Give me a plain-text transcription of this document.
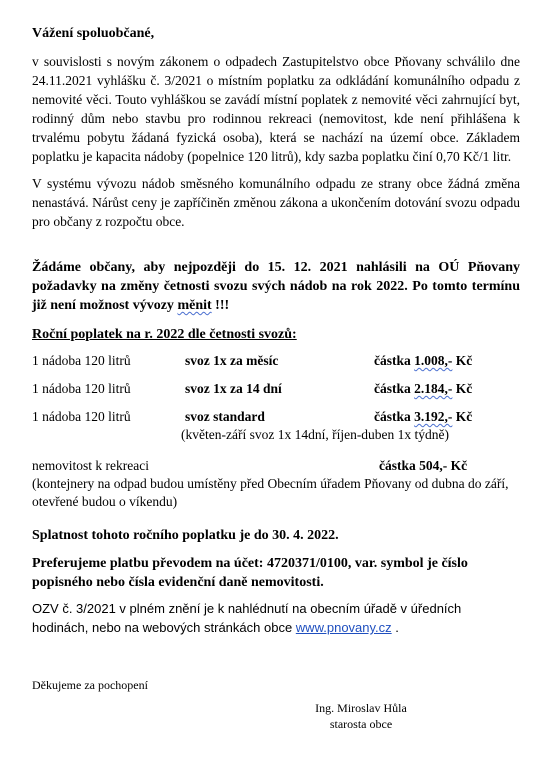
Vážení spoluobčané,

v souvislosti s novým zákonem o odpadech Zastupitelstvo obce Pňovany schválilo dne 24.11.2021 vyhlášku č. 3/2021 o místním poplatku za odkládání komunálního odpadu z nemovité věci. Touto vyhláškou se zavádí místní poplatek z nemovité věci zahrnující byt, rodinný dům nebo stavbu pro rodinnou rekreaci (nemovitost, kde není přihlášena k trvalému pobytu žádaná fyzická osoba), která se nachází na území obce. Základem poplatku je kapacita nádoby (popelnice 120 litrů), kdy sazba poplatku činí 0,70 Kč/1 litr.

V systému vývozu nádob směsného komunálního odpadu ze strany obce žádná změna nenastává. Nárůst ceny je zapříčiněn změnou zákona a ukončením dotování svozu odpadu pro občany z rozpočtu obce.

Žádáme občany, aby nejpozději do 15. 12. 2021 nahlásili na OÚ Pňovany požadavky na změny četnosti svozu svých nádob na rok 2022. Po tomto termínu již není možnost vývozy měnit !!!

Roční poplatek na r. 2022 dle četnosti svozů:

1 nádoba 120 litrů	svoz 1x za měsíc	částka 1.008,- Kč
1 nádoba 120 litrů	svoz 1x za 14 dní	částka 2.184,- Kč
1 nádoba 120 litrů	svoz standard	částka 3.192,- Kč
(květen-září svoz 1x 14dní, říjen-duben 1x týdně)
nemovitost k rekreaci	částka 504,- Kč
(kontejnery na odpad budou umístěny před Obecním úřadem Pňovany od dubna do září, otevřené budou o víkendu)

Splatnost tohoto ročního poplatku je do 30. 4. 2022.

Preferujeme platbu převodem na účet: 4720371/0100, var. symbol je číslo popisného nebo čísla evidenční daně nemovitosti.

OZV č. 3/2021 v plném znění je k nahlédnutí na obecním úřadě v úředních hodinách, nebo na webových stránkách obce www.pnovany.cz .

Děkujeme za pochopení
Ing. Miroslav Hůla
starosta obce
